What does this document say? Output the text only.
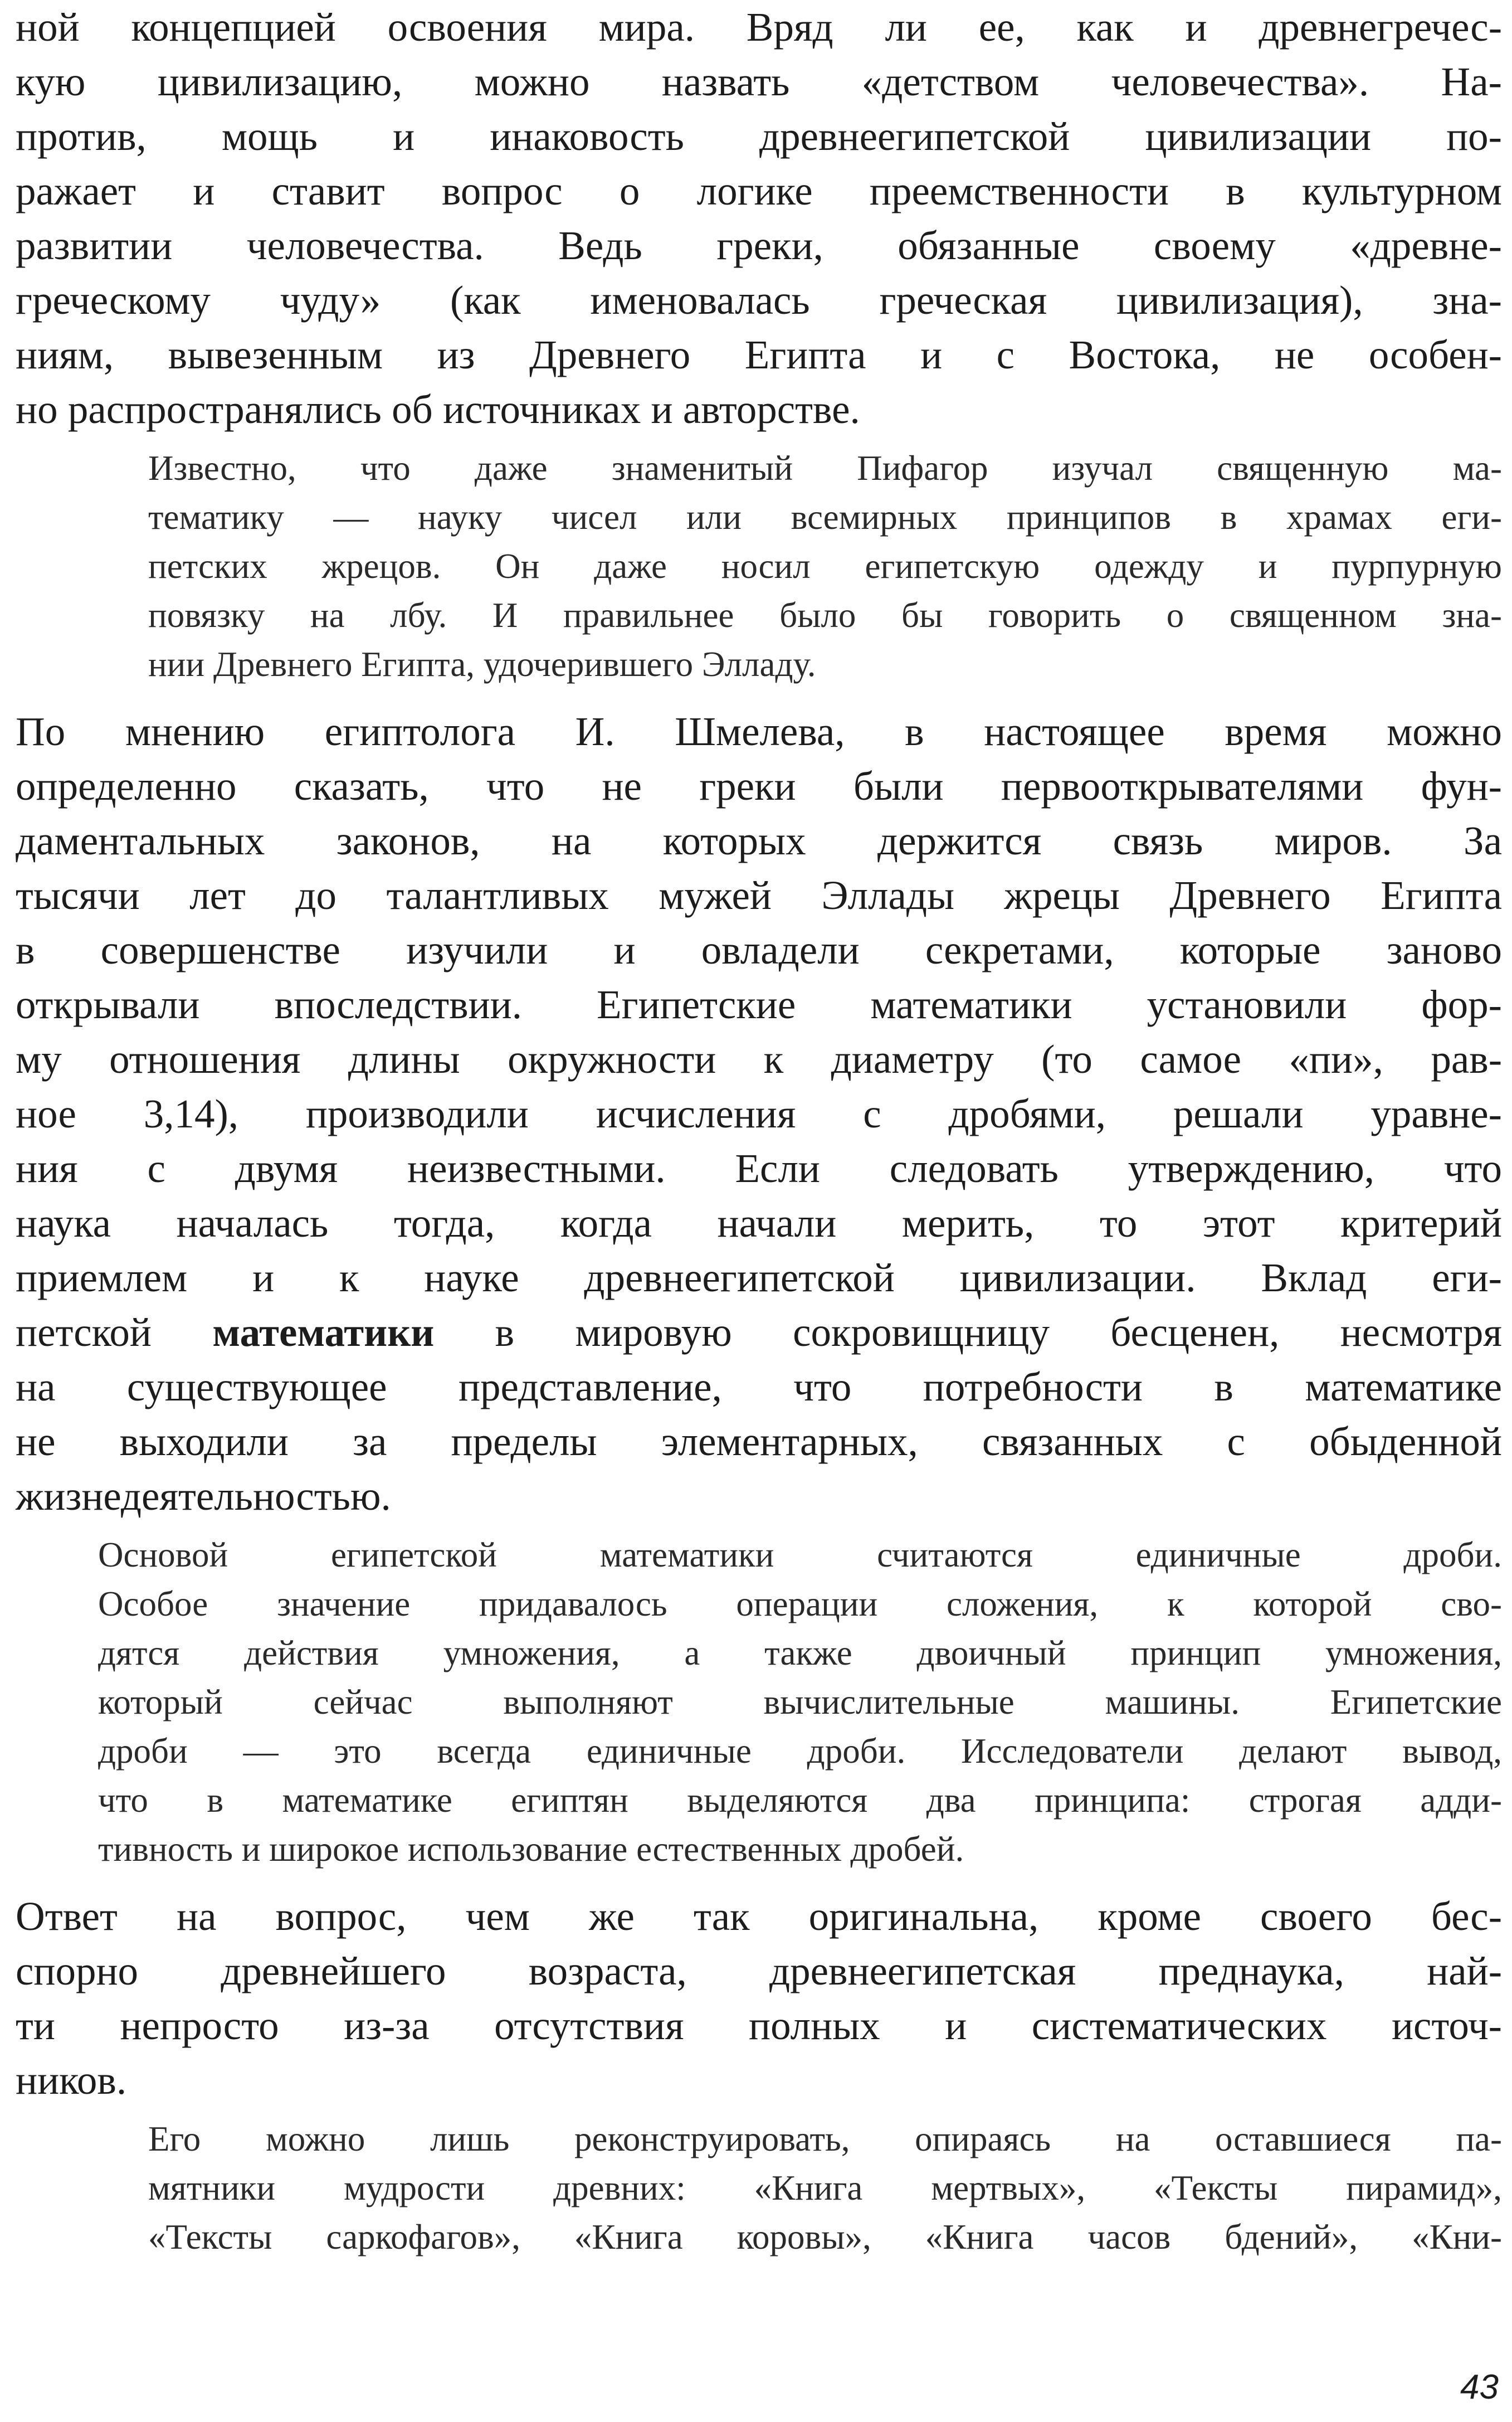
ной концепцией освоения мира. Вряд ли ее, как и древнегречес-
кую цивилизацию, можно назвать «детством человечества». На-
против, мощь и инаковость древнеегипетской цивилизации по-
ражает и ставит вопрос о логике преемственности в культурном
развитии человечества. Ведь греки, обязанные своему «древне-
греческому чуду» (как именовалась греческая цивилизация), зна-
ниям, вывезенным из Древнего Египта и с Востока, не особен-
но распространялись об источниках и авторстве.
Известно, что даже знаменитый Пифагор изучал священную ма-
тематику — науку чисел или всемирных принципов в храмах еги-
петских жрецов. Он даже носил египетскую одежду и пурпурную
повязку на лбу. И правильнее было бы говорить о священном зна-
нии Древнего Египта, удочерившего Элладу.
По мнению египтолога И. Шмелева, в настоящее время можно
определенно сказать, что не греки были первооткрывателями фун-
даментальных законов, на которых держится связь миров. За
тысячи лет до талантливых мужей Эллады жрецы Древнего Египта
в совершенстве изучили и овладели секретами, которые заново
открывали впоследствии. Египетские математики установили фор-
му отношения длины окружности к диаметру (то самое «пи», рав-
ное 3,14), производили исчисления с дробями, решали уравне-
ния с двумя неизвестными. Если следовать утверждению, что
наука началась тогда, когда начали мерить, то этот критерий
приемлем и к науке древнеегипетской цивилизации. Вклад еги-
петской математики в мировую сокровищницу бесценен, несмотря
на существующее представление, что потребности в математике
не выходили за пределы элементарных, связанных с обыденной
жизнедеятельностью.
Основой египетской математики считаются единичные дроби.
Особое значение придавалось операции сложения, к которой сво-
дятся действия умножения, а также двоичный принцип умножения,
который сейчас выполняют вычислительные машины. Египетские
дроби — это всегда единичные дроби. Исследователи делают вывод,
что в математике египтян выделяются два принципа: строгая адди-
тивность и широкое использование естественных дробей.
Ответ на вопрос, чем же так оригинальна, кроме своего бес-
спорно древнейшего возраста, древнеегипетская преднаука, най-
ти непросто из-за отсутствия полных и систематических источ-
ников.
Его можно лишь реконструировать, опираясь на оставшиеся па-
мятники мудрости древних: «Книга мертвых», «Тексты пирамид»,
«Тексты саркофагов», «Книга коровы», «Книга часов бдений», «Кни-
43
